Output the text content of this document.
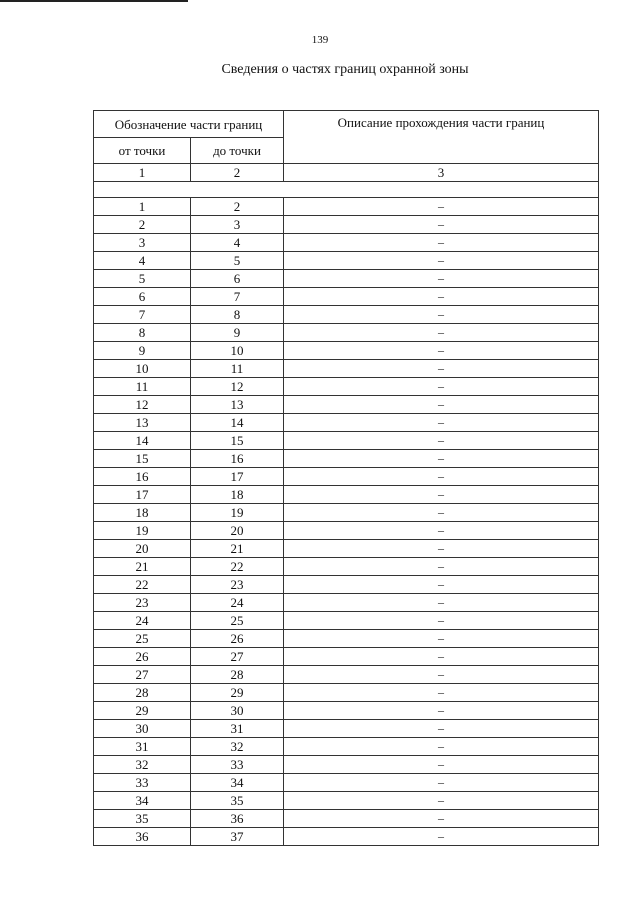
139
Сведения о частях границ охранной зоны
Обозначение части границ		Описание прохождения части границ
от точки	до точки	
1	2	3

1	2	–
2	3	–
3	4	–
4	5	–
5	6	–
6	7	–
7	8	–
8	9	–
9	10	–
10	11	–
11	12	–
12	13	–
13	14	–
14	15	–
15	16	–
16	17	–
17	18	–
18	19	–
19	20	–
20	21	–
21	22	–
22	23	–
23	24	–
24	25	–
25	26	–
26	27	–
27	28	–
28	29	–
29	30	–
30	31	–
31	32	–
32	33	–
33	34	–
34	35	–
35	36	–
36	37	–
